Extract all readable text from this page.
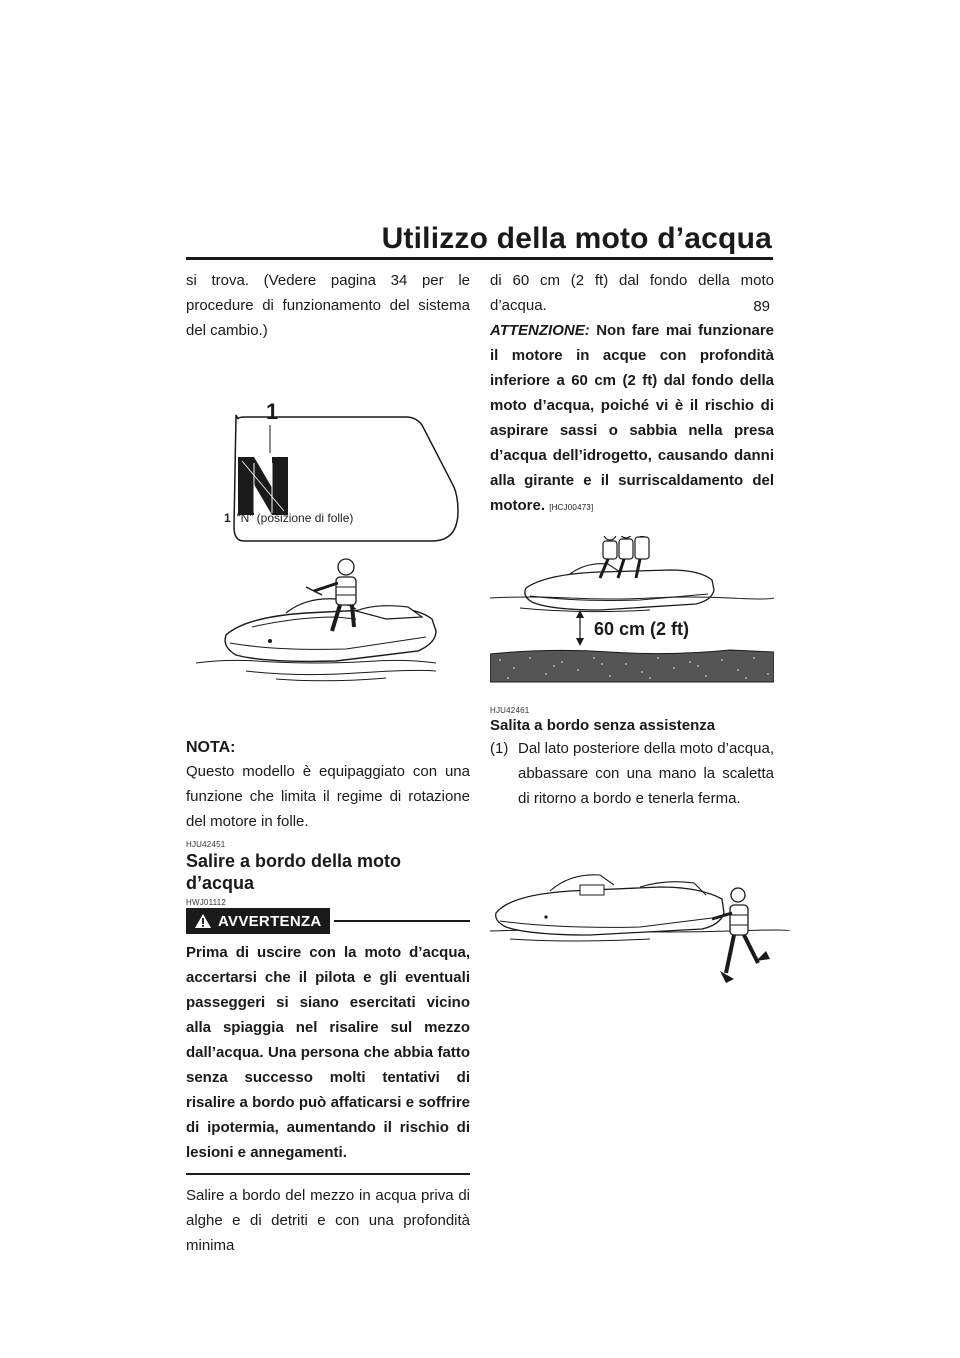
Utilizzo della moto d’acqua
89

si trova. (Vedere pagina 34 per le procedure di funzionamento del sistema del cambio.)

1
1 “N” (posizione di folle)
NOTA:

Questo modello è equipaggiato con una funzione che limita il regime di rotazione del motore in folle.

HJU42451
Salire a bordo della moto d’acqua
HWJ01112
AVVERTENZA

Prima di uscire con la moto d’acqua, accertarsi che il pilota e gli eventuali passeggeri si siano esercitati vicino alla spiaggia nel risalire sul mezzo dall’acqua. Una persona che abbia fatto senza successo molti tentativi di risalire a bordo può affaticarsi e soffrire di ipotermia, aumentando il rischio di lesioni e annegamenti.

Salire a bordo del mezzo in acqua priva di alghe e di detriti e con una profondità minima

di 60 cm (2 ft) dal fondo della moto d’acqua.

ATTENZIONE: Non fare mai funzionare il motore in acque con profondità inferiore a 60 cm (2 ft) dal fondo della moto d’acqua, poiché vi è il rischio di aspirare sassi o sabbia nella presa d’acqua dell’idrogetto, causando danni alla girante e il surriscaldamento del motore. [HCJ00473]

60 cm (2 ft)
HJU42461
Salita a bordo senza assistenza
(1) Dal lato posteriore della moto d’acqua, abbassare con una mano la scaletta di ritorno a bordo e tenerla ferma.
